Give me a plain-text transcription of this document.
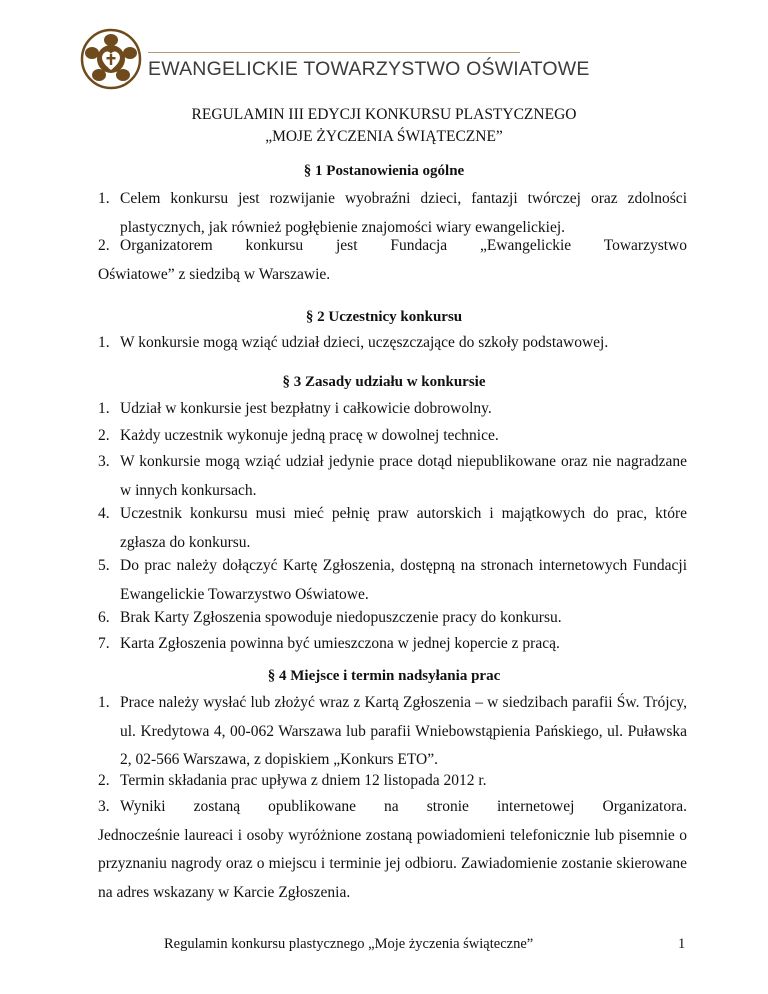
EWANGELICKIE TOWARZYSTWO OŚWIATOWE
REGULAMIN III EDYCJI KONKURSU PLASTYCZNEGO
„MOJE ŻYCZENIA ŚWIĄTECZNE”
§ 1 Postanowienia ogólne
1. Celem konkursu jest rozwijanie wyobraźni dzieci, fantazji twórczej oraz zdolności plastycznych, jak również pogłębienie znajomości wiary ewangelickiej.
2. Organizatorem konkursu jest Fundacja „Ewangelickie Towarzystwo
Oświatowe” z siedzibą w Warszawie.
§ 2 Uczestnicy konkursu
1. W konkursie mogą wziąć udział dzieci, uczęszczające do szkoły podstawowej.
§ 3 Zasady udziału w konkursie
1. Udział w konkursie jest bezpłatny i całkowicie dobrowolny.
2. Każdy uczestnik wykonuje jedną pracę w dowolnej technice.
3. W konkursie mogą wziąć udział jedynie prace dotąd niepublikowane oraz nie nagradzane w innych konkursach.
4. Uczestnik konkursu musi mieć pełnię praw autorskich i majątkowych do prac, które zgłasza do konkursu.
5. Do prac należy dołączyć Kartę Zgłoszenia, dostępną na stronach internetowych Fundacji Ewangelickie Towarzystwo Oświatowe.
6. Brak Karty Zgłoszenia spowoduje niedopuszczenie pracy do konkursu.
7. Karta Zgłoszenia powinna być umieszczona w jednej kopercie z pracą.
§ 4 Miejsce i termin nadsyłania prac
1. Prace należy wysłać lub złożyć wraz z Kartą Zgłoszenia – w siedzibach parafii Św. Trójcy, ul. Kredytowa 4, 00-062 Warszawa lub parafii Wniebowstąpienia Pańskiego, ul. Puławska 2, 02-566 Warszawa, z dopiskiem „Konkurs ETO”.
2. Termin składania prac upływa z dniem 12 listopada 2012 r.
3. Wyniki zostaną opublikowane na stronie internetowej Organizatora.
Jednocześnie laureaci i osoby wyróżnione zostaną powiadomieni telefonicznie lub pisemnie o przyznaniu nagrody oraz o miejscu i terminie jej odbioru. Zawiadomienie zostanie skierowane na adres wskazany w Karcie Zgłoszenia.
Regulamin konkursu plastycznego „Moje życzenia świąteczne”	1
